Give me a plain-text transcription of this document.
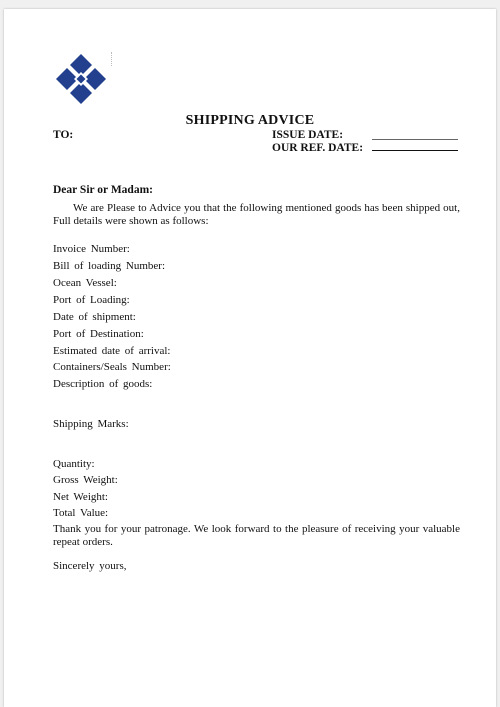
SHIPPING ADVICE
TO:	ISSUE DATE:
OUR REF. DATE:
Dear Sir or Madam:
We are Please to Advice you that the following mentioned goods has been shipped out, Full details were shown as follows:
Invoice Number:
Bill of loading Number:
Ocean Vessel:
Port of Loading:
Date of shipment:
Port of Destination:
Estimated date of arrival:
Containers/Seals Number:
Description of goods:
Shipping Marks:
Quantity:
Gross Weight:
Net Weight:
Total Value:
Thank you for your patronage. We look forward to the pleasure of receiving your valuable repeat orders.
Sincerely yours,
